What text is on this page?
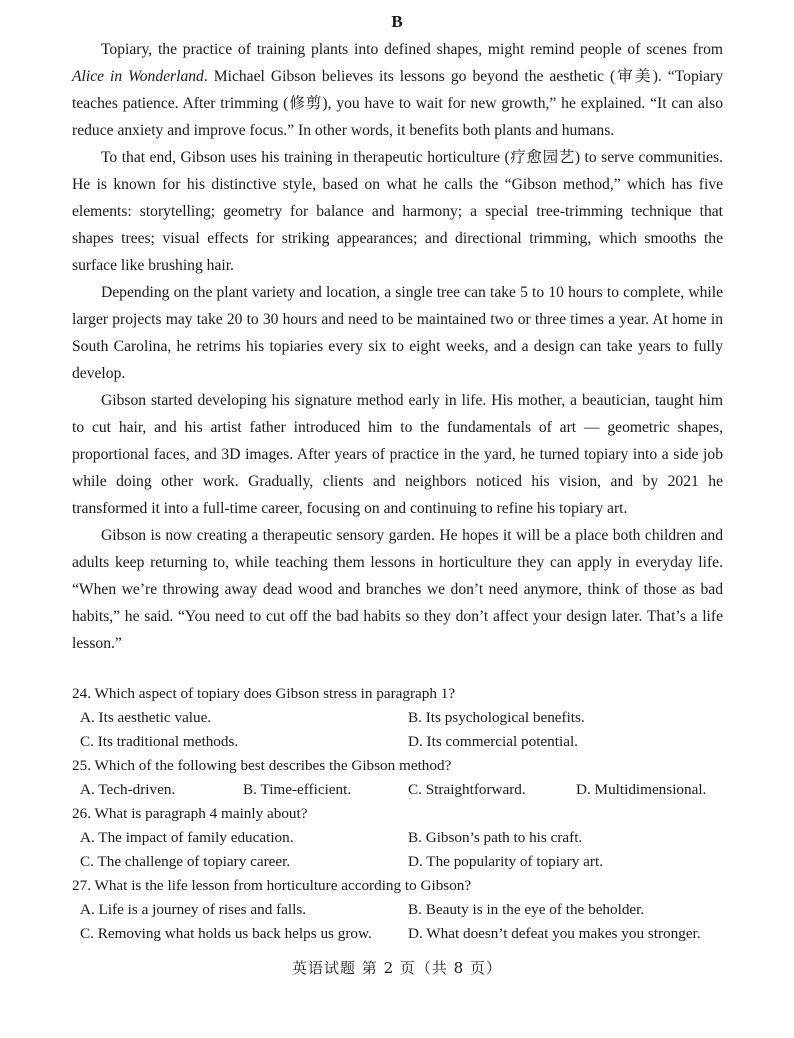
B

Topiary, the practice of training plants into defined shapes, might remind people of scenes from Alice in Wonderland. Michael Gibson believes its lessons go beyond the aesthetic (审美). “Topiary teaches patience. After trimming (修剪), you have to wait for new growth,” he explained. “It can also reduce anxiety and improve focus.” In other words, it benefits both plants and humans.

To that end, Gibson uses his training in therapeutic horticulture (疗愈园艺) to serve communities. He is known for his distinctive style, based on what he calls the “Gibson method,” which has five elements: storytelling; geometry for balance and harmony; a special tree-trimming technique that shapes trees; visual effects for striking appearances; and directional trimming, which smooths the surface like brushing hair.

Depending on the plant variety and location, a single tree can take 5 to 10 hours to complete, while larger projects may take 20 to 30 hours and need to be maintained two or three times a year. At home in South Carolina, he retrims his topiaries every six to eight weeks, and a design can take years to fully develop.

Gibson started developing his signature method early in life. His mother, a beautician, taught him to cut hair, and his artist father introduced him to the fundamentals of art — geometric shapes, proportional faces, and 3D images. After years of practice in the yard, he turned topiary into a side job while doing other work. Gradually, clients and neighbors noticed his vision, and by 2021 he transformed it into a full-time career, focusing on and continuing to refine his topiary art.

Gibson is now creating a therapeutic sensory garden. He hopes it will be a place both children and adults keep returning to, while teaching them lessons in horticulture they can apply in everyday life. “When we’re throwing away dead wood and branches we don’t need anymore, think of those as bad habits,” he said. “You need to cut off the bad habits so they don’t affect your design later. That’s a life lesson.”

24. Which aspect of topiary does Gibson stress in paragraph 1?

A. Its aesthetic value.	B. Its psychological benefits.
C. Its traditional methods.	D. Its commercial potential.

25. Which of the following best describes the Gibson method?

A. Tech-driven.	B. Time-efficient.	C. Straightforward.	D. Multidimensional.

26. What is paragraph 4 mainly about?

A. The impact of family education.	B. Gibson’s path to his craft.
C. The challenge of topiary career.	D. The popularity of topiary art.

27. What is the life lesson from horticulture according to Gibson?

A. Life is a journey of rises and falls.	B. Beauty is in the eye of the beholder.
C. Removing what holds us back helps us grow. D. What doesn’t defeat you makes you stronger.
英语试题 第 2 页（共 8 页）
